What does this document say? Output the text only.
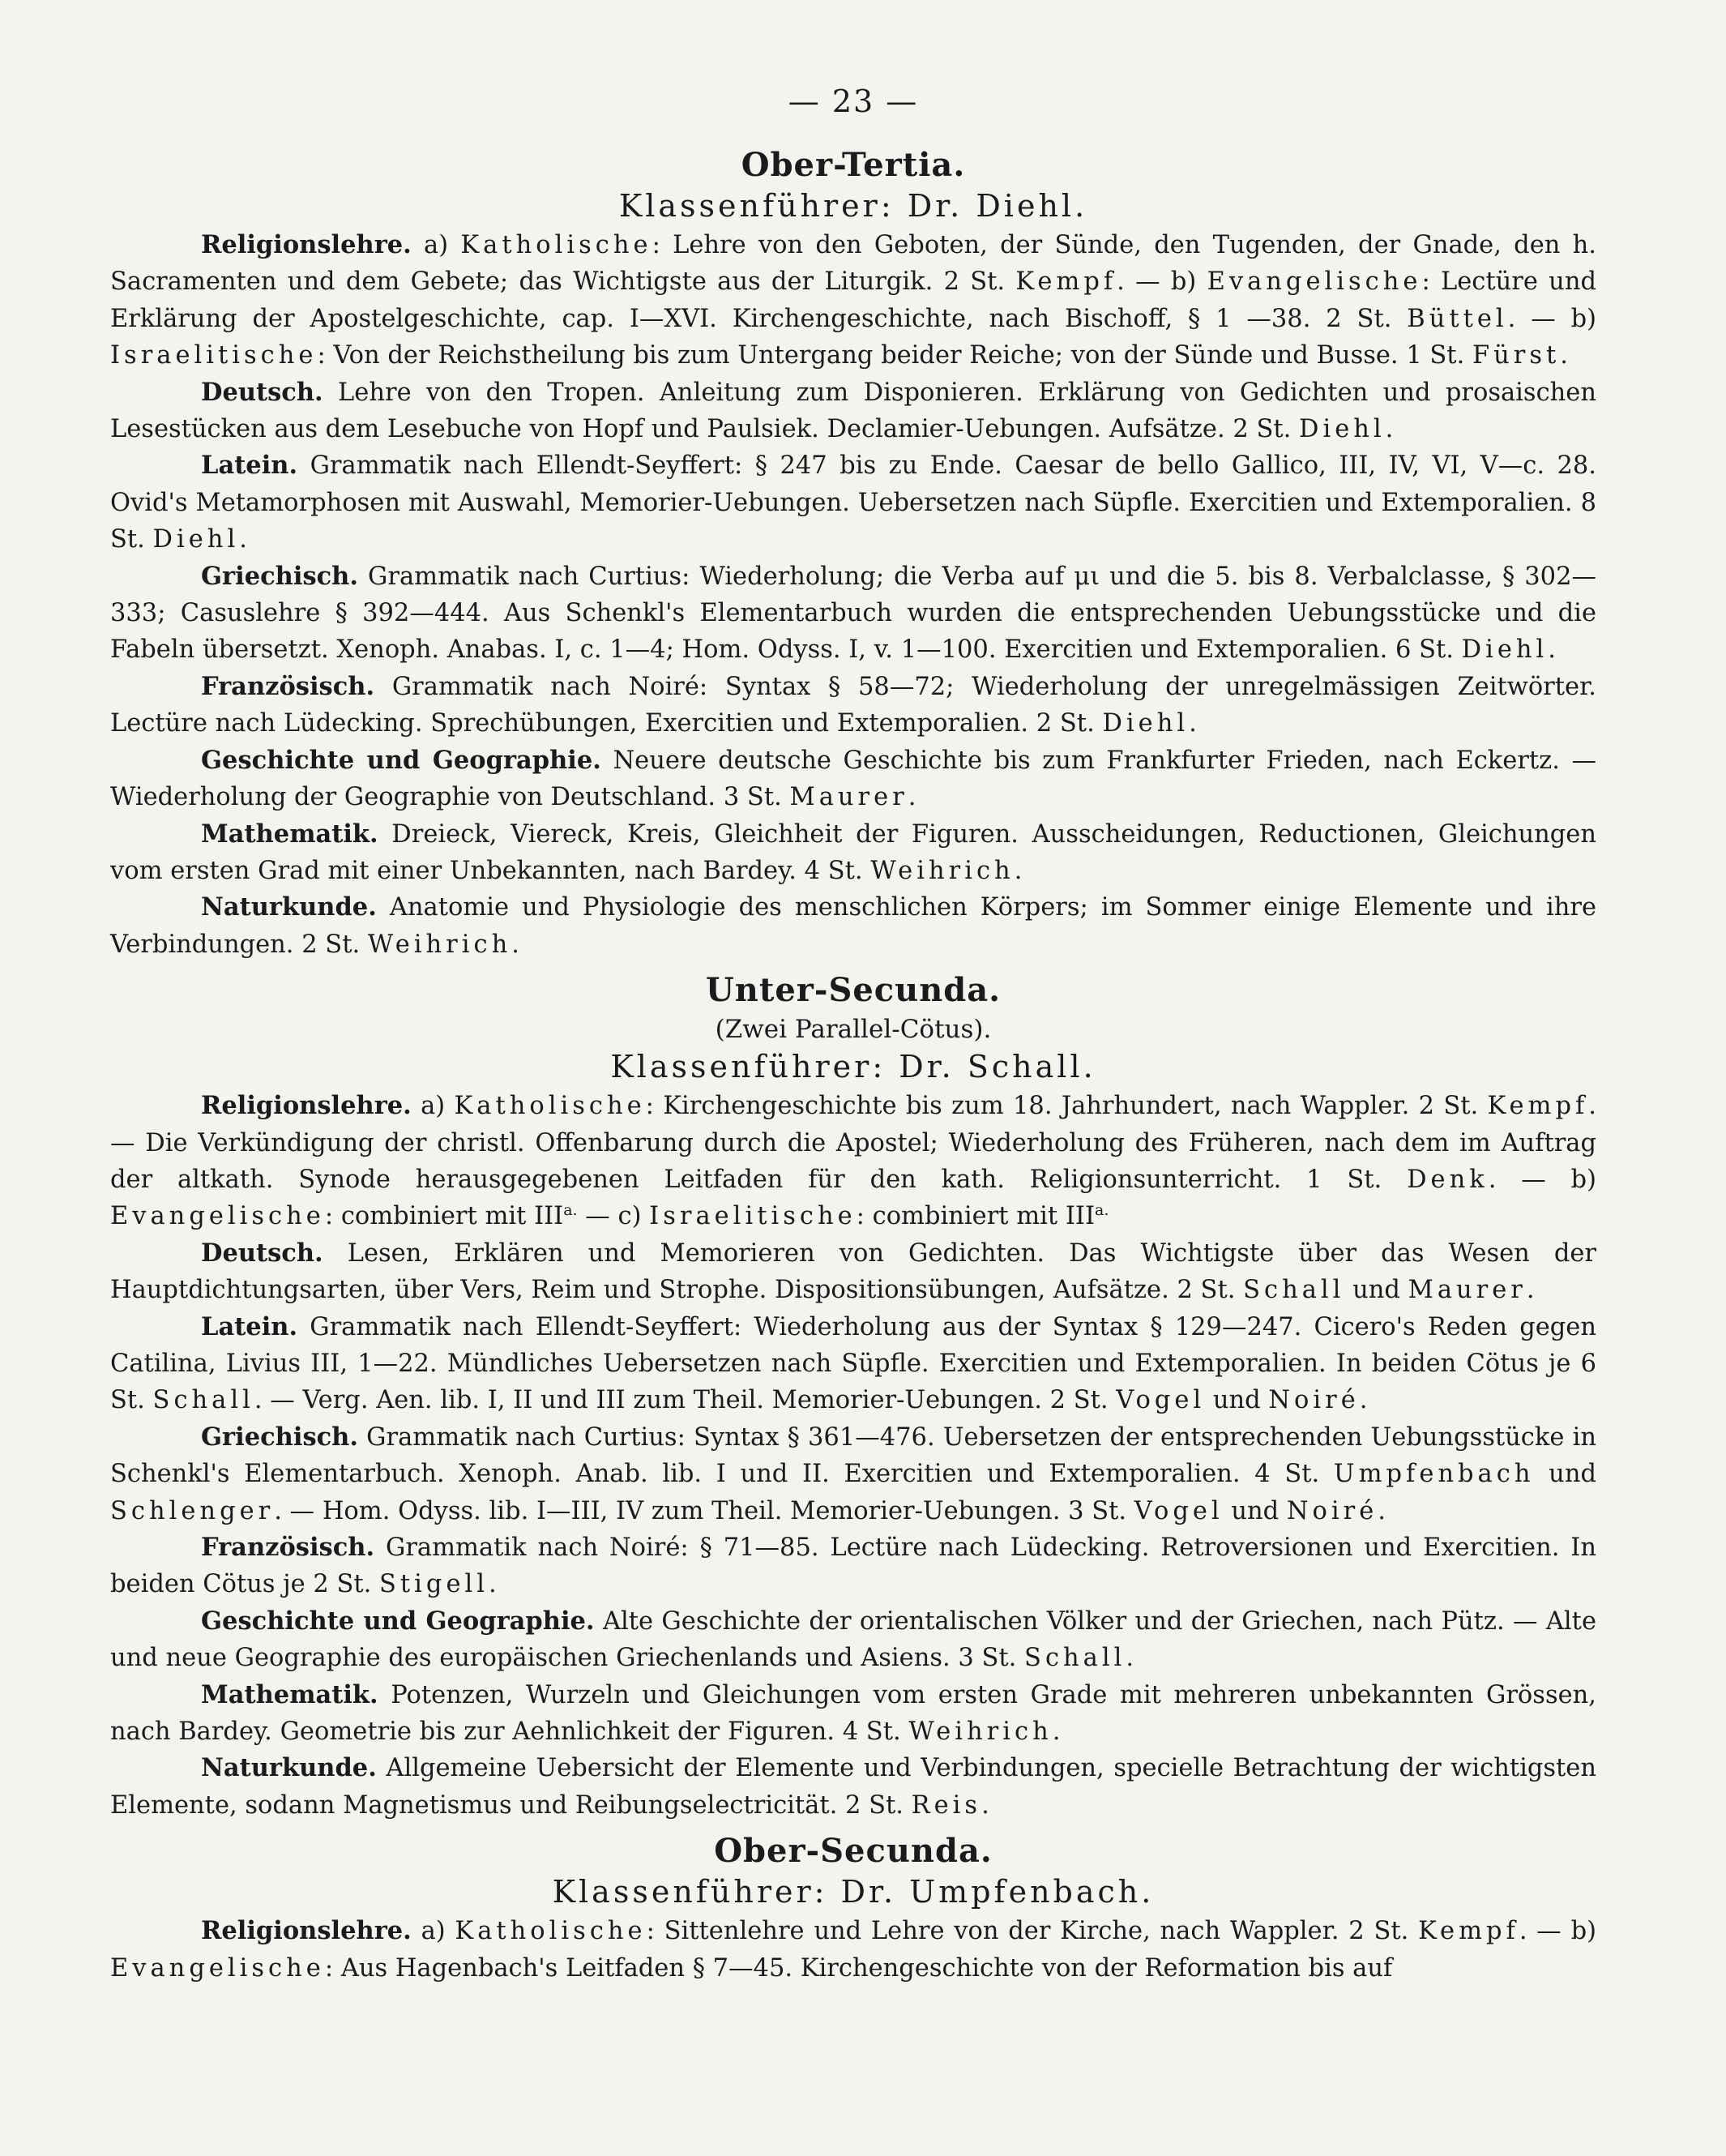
— 23 —
Ober-Tertia.
Klassenführer: Dr. Diehl.

Religionslehre. a) Katholische: Lehre von den Geboten, der Sünde, den Tugenden, der Gnade, den h. Sacramenten und dem Gebete; das Wichtigste aus der Liturgik. 2 St. Kempf. — b) Evangelische: Lectüre und Erklärung der Apostelgeschichte, cap. I—XVI. Kirchengeschichte, nach Bischoff, § 1 —38. 2 St. Büttel. — b) Israelitische: Von der Reichstheilung bis zum Untergang beider Reiche; von der Sünde und Busse. 1 St. Fürst.

Deutsch. Lehre von den Tropen. Anleitung zum Disponieren. Erklärung von Gedichten und prosaischen Lesestücken aus dem Lesebuche von Hopf und Paulsiek. Declamier-Uebungen. Aufsätze. 2 St. Diehl.

Latein. Grammatik nach Ellendt-Seyffert: § 247 bis zu Ende. Caesar de bello Gallico, III, IV, VI, V—c. 28. Ovid's Metamorphosen mit Auswahl, Memorier-Uebungen. Uebersetzen nach Süpfle. Exercitien und Extemporalien. 8 St. Diehl.

Griechisch. Grammatik nach Curtius: Wiederholung; die Verba auf μι und die 5. bis 8. Verbalclasse, § 302—333; Casuslehre § 392—444. Aus Schenkl's Elementarbuch wurden die entsprechenden Uebungsstücke und die Fabeln übersetzt. Xenoph. Anabas. I, c. 1—4; Hom. Odyss. I, v. 1—100. Exercitien und Extemporalien. 6 St. Diehl.

Französisch. Grammatik nach Noiré: Syntax § 58—72; Wiederholung der unregelmässigen Zeitwörter. Lectüre nach Lüdecking. Sprechübungen, Exercitien und Extemporalien. 2 St. Diehl.

Geschichte und Geographie. Neuere deutsche Geschichte bis zum Frankfurter Frieden, nach Eckertz. — Wiederholung der Geographie von Deutschland. 3 St. Maurer.

Mathematik. Dreieck, Viereck, Kreis, Gleichheit der Figuren. Ausscheidungen, Reductionen, Gleichungen vom ersten Grad mit einer Unbekannten, nach Bardey. 4 St. Weihrich.

Naturkunde. Anatomie und Physiologie des menschlichen Körpers; im Sommer einige Elemente und ihre Verbindungen. 2 St. Weihrich.

Unter-Secunda.
(Zwei Parallel-Cötus).
Klassenführer: Dr. Schall.

Religionslehre. a) Katholische: Kirchengeschichte bis zum 18. Jahrhundert, nach Wappler. 2 St. Kempf. — Die Verkündigung der christl. Offenbarung durch die Apostel; Wiederholung des Früheren, nach dem im Auftrag der altkath. Synode herausgegebenen Leitfaden für den kath. Religionsunterricht. 1 St. Denk. — b) Evangelische: combiniert mit $III^{a.}$ — c) Israelitische: combiniert mit $III^{a.}$

Deutsch. Lesen, Erklären und Memorieren von Gedichten. Das Wichtigste über das Wesen der Hauptdichtungsarten, über Vers, Reim und Strophe. Dispositionsübungen, Aufsätze. 2 St. Schall und Maurer.

Latein. Grammatik nach Ellendt-Seyffert: Wiederholung aus der Syntax § 129—247. Cicero's Reden gegen Catilina, Livius III, 1—22. Mündliches Uebersetzen nach Süpfle. Exercitien und Extemporalien. In beiden Cötus je 6 St. Schall. — Verg. Aen. lib. I, II und III zum Theil. Memorier-Uebungen. 2 St. Vogel und Noiré.

Griechisch. Grammatik nach Curtius: Syntax § 361—476. Uebersetzen der entsprechenden Uebungsstücke in Schenkl's Elementarbuch. Xenoph. Anab. lib. I und II. Exercitien und Extemporalien. 4 St. Umpfenbach und Schlenger. — Hom. Odyss. lib. I—III, IV zum Theil. Memorier-Uebungen. 3 St. Vogel und Noiré.

Französisch. Grammatik nach Noiré: § 71—85. Lectüre nach Lüdecking. Retroversionen und Exercitien. In beiden Cötus je 2 St. Stigell.

Geschichte und Geographie. Alte Geschichte der orientalischen Völker und der Griechen, nach Pütz. — Alte und neue Geographie des europäischen Griechenlands und Asiens. 3 St. Schall.

Mathematik. Potenzen, Wurzeln und Gleichungen vom ersten Grade mit mehreren unbekannten Grössen, nach Bardey. Geometrie bis zur Aehnlichkeit der Figuren. 4 St. Weihrich.

Naturkunde. Allgemeine Uebersicht der Elemente und Verbindungen, specielle Betrachtung der wichtigsten Elemente, sodann Magnetismus und Reibungselectricität. 2 St. Reis.

Ober-Secunda.
Klassenführer: Dr. Umpfenbach.

Religionslehre. a) Katholische: Sittenlehre und Lehre von der Kirche, nach Wappler. 2 St. Kempf. — b) Evangelische: Aus Hagenbach's Leitfaden § 7—45. Kirchengeschichte von der Reformation bis auf
